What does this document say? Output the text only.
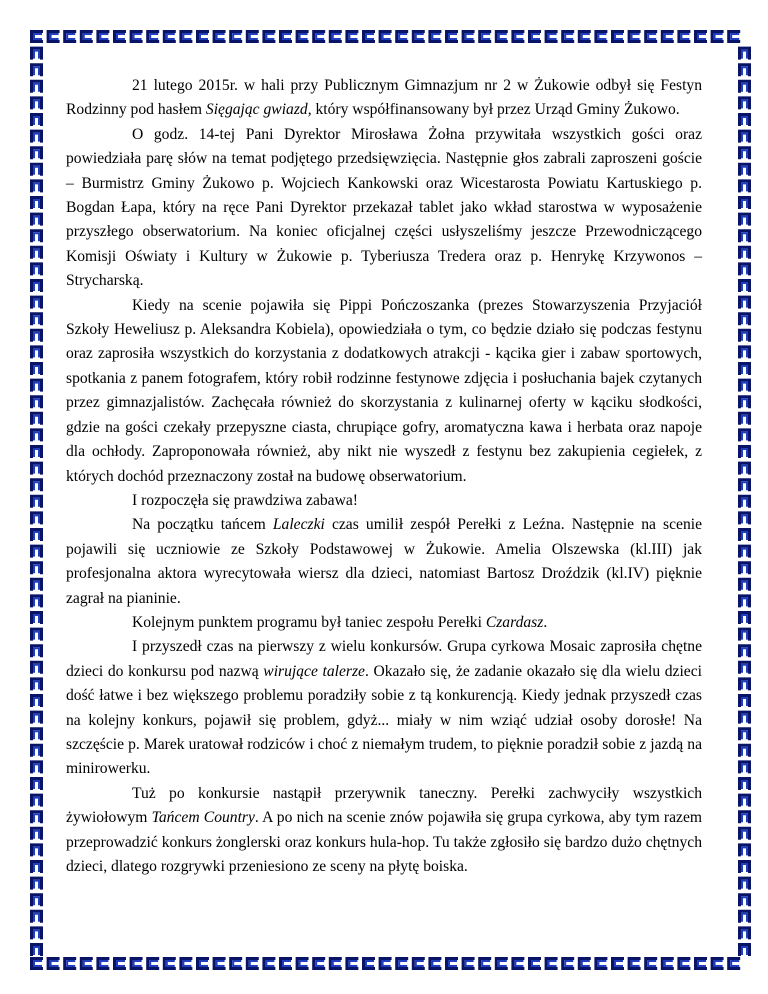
21 lutego 2015r. w hali przy Publicznym Gimnazjum nr 2 w Żukowie odbył się Festyn Rodzinny pod hasłem Sięgając gwiazd, który współfinansowany był przez Urząd Gminy Żukowo.

O godz. 14-tej Pani Dyrektor Mirosława Żołna przywitała wszystkich gości oraz powiedziała parę słów na temat podjętego przedsięwzięcia. Następnie głos zabrali zaproszeni goście – Burmistrz Gminy Żukowo p. Wojciech Kankowski oraz Wicestarosta Powiatu Kartuskiego p. Bogdan Łapa, który na ręce Pani Dyrektor przekazał tablet jako wkład starostwa w wyposażenie przyszłego obserwatorium. Na koniec oficjalnej części usłyszeliśmy jeszcze Przewodniczącego Komisji Oświaty i Kultury w Żukowie p. Tyberiusza Tredera oraz p. Henrykę Krzywonos – Strycharską.

Kiedy na scenie pojawiła się Pippi Pończoszanka (prezes Stowarzyszenia Przyjaciół Szkoły Heweliusz p. Aleksandra Kobiela), opowiedziała o tym, co będzie działo się podczas festynu oraz zaprosiła wszystkich do korzystania z dodatkowych atrakcji - kącika gier i zabaw sportowych, spotkania z panem fotografem, który robił rodzinne festynowe zdjęcia i posłuchania bajek czytanych przez gimnazjalistów. Zachęcała również do skorzystania z kulinarnej oferty w kąciku słodkości, gdzie na gości czekały przepyszne ciasta, chrupiące gofry, aromatyczna kawa i herbata oraz napoje dla ochłody. Zaproponowała również, aby nikt nie wyszedł z festynu bez zakupienia cegiełek, z których dochód przeznaczony został na budowę obserwatorium.

I rozpoczęła się prawdziwa zabawa!

Na początku tańcem Laleczki czas umilił zespół Perełki z Leźna. Następnie na scenie pojawili się uczniowie ze Szkoły Podstawowej w Żukowie. Amelia Olszewska (kl.III) jak profesjonalna aktora wyrecytowała wiersz dla dzieci, natomiast Bartosz Droździk (kl.IV) pięknie zagrał na pianinie.

Kolejnym punktem programu był taniec zespołu Perełki Czardasz.

I przyszedł czas na pierwszy z wielu konkursów. Grupa cyrkowa Mosaic zaprosiła chętne dzieci do konkursu pod nazwą wirujące talerze. Okazało się, że zadanie okazało się dla wielu dzieci dość łatwe i bez większego problemu poradziły sobie z tą konkurencją. Kiedy jednak przyszedł czas na kolejny konkurs, pojawił się problem, gdyż... miały w nim wziąć udział osoby dorosłe! Na szczęście p. Marek uratował rodziców i choć z niemałym trudem, to pięknie poradził sobie z jazdą na minirowerku.

Tuż po konkursie nastąpił przerywnik taneczny. Perełki zachwyciły wszystkich żywiołowym Tańcem Country. A po nich na scenie znów pojawiła się grupa cyrkowa, aby tym razem przeprowadzić konkurs żonglerski oraz konkurs hula-hop. Tu także zgłosiło się bardzo dużo chętnych dzieci, dlatego rozgrywki przeniesiono ze sceny na płytę boiska.
